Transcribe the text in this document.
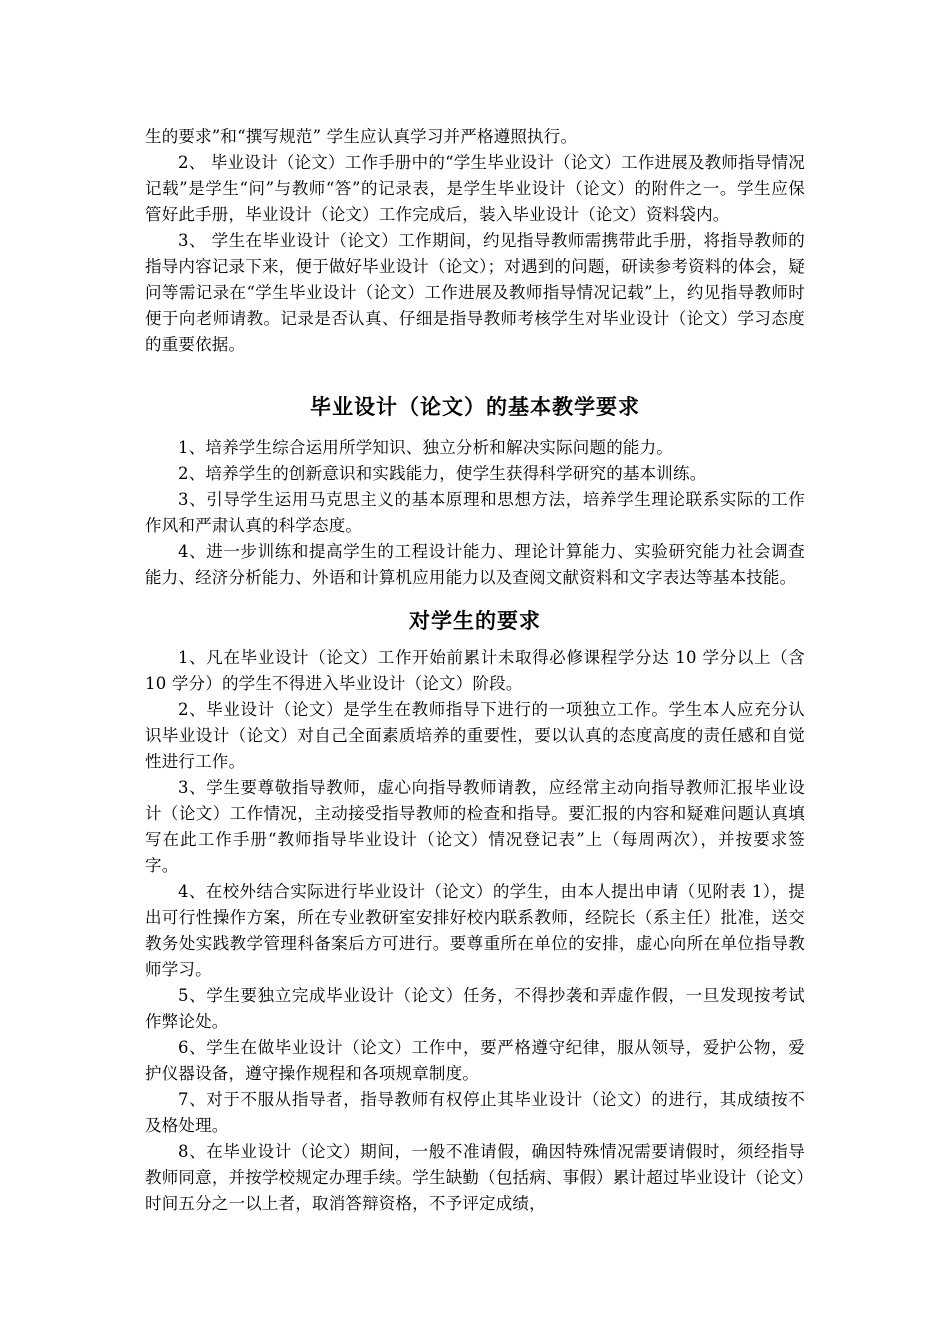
生的要求”和“撰写规范” 学生应认真学习并严格遵照执行。

2、 毕业设计（论文）工作手册中的“学生毕业设计（论文）工作进展及教师指导情况记载”是学生“问”与教师“答”的记录表，是学生毕业设计（论文）的附件之一。学生应保管好此手册，毕业设计（论文）工作完成后，装入毕业设计（论文）资料袋内。

3、 学生在毕业设计（论文）工作期间，约见指导教师需携带此手册，将指导教师的指导内容记录下来，便于做好毕业设计（论文）；对遇到的问题，研读参考资料的体会，疑问等需记录在“学生毕业设计（论文）工作进展及教师指导情况记载”上，约见指导教师时便于向老师请教。记录是否认真、仔细是指导教师考核学生对毕业设计（论文）学习态度的重要依据。

毕业设计（论文）的基本教学要求

1、培养学生综合运用所学知识、独立分析和解决实际问题的能力。

2、培养学生的创新意识和实践能力，使学生获得科学研究的基本训练。

3、引导学生运用马克思主义的基本原理和思想方法，培养学生理论联系实际的工作作风和严肃认真的科学态度。

4、进一步训练和提高学生的工程设计能力、理论计算能力、实验研究能力社会调查能力、经济分析能力、外语和计算机应用能力以及查阅文献资料和文字表达等基本技能。

对学生的要求

1、凡在毕业设计（论文）工作开始前累计未取得必修课程学分达 10 学分以上（含 10 学分）的学生不得进入毕业设计（论文）阶段。

2、毕业设计（论文）是学生在教师指导下进行的一项独立工作。学生本人应充分认识毕业设计（论文）对自己全面素质培养的重要性，要以认真的态度高度的责任感和自觉性进行工作。

3、学生要尊敬指导教师，虚心向指导教师请教，应经常主动向指导教师汇报毕业设计（论文）工作情况，主动接受指导教师的检查和指导。要汇报的内容和疑难问题认真填写在此工作手册“教师指导毕业设计（论文）情况登记表”上（每周两次），并按要求签字。

4、在校外结合实际进行毕业设计（论文）的学生，由本人提出申请（见附表 1），提出可行性操作方案，所在专业教研室安排好校内联系教师，经院长（系主任）批准，送交教务处实践教学管理科备案后方可进行。要尊重所在单位的安排，虚心向所在单位指导教师学习。

5、学生要独立完成毕业设计（论文）任务，不得抄袭和弄虚作假，一旦发现按考试作弊论处。

6、学生在做毕业设计（论文）工作中，要严格遵守纪律，服从领导，爱护公物，爱护仪器设备，遵守操作规程和各项规章制度。

7、对于不服从指导者，指导教师有权停止其毕业设计（论文）的进行，其成绩按不及格处理。

8、在毕业设计（论文）期间，一般不准请假，确因特殊情况需要请假时，须经指导教师同意，并按学校规定办理手续。学生缺勤（包括病、事假）累计超过毕业设计（论文）时间五分之一以上者，取消答辩资格，不予评定成绩，
